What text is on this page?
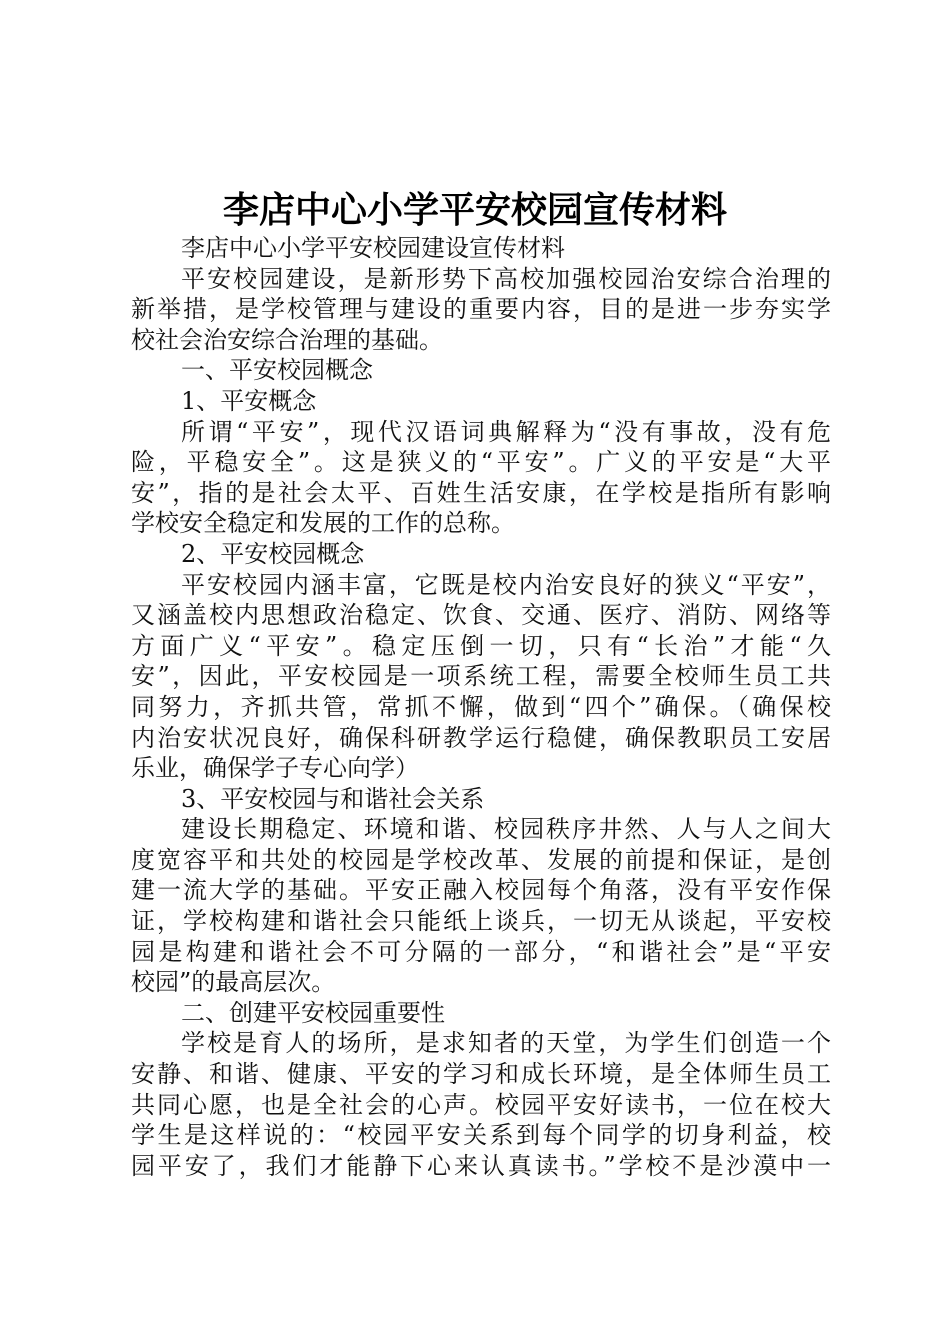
李店中心小学平安校园宣传材料
李店中心小学平安校园建设宣传材料
平安校园建设，是新形势下高校加强校园治安综合治理的
新举措，是学校管理与建设的重要内容，目的是进一步夯实学
校社会治安综合治理的基础。
一、平安校园概念
1、平安概念
所谓“平安”，现代汉语词典解释为“没有事故，没有危
险，平稳安全”。这是狭义的“平安”。广义的平安是“大平
安”，指的是社会太平、百姓生活安康，在学校是指所有影响
学校安全稳定和发展的工作的总称。
2、平安校园概念
平安校园内涵丰富，它既是校内治安良好的狭义“平安”，
又涵盖校内思想政治稳定、饮食、交通、医疗、消防、网络等
方面广义“平安”。稳定压倒一切，只有“长治”才能“久
安”，因此，平安校园是一项系统工程，需要全校师生员工共
同努力，齐抓共管，常抓不懈，做到“四个”确保。（确保校
内治安状况良好，确保科研教学运行稳健，确保教职员工安居
乐业，确保学子专心向学）
3、平安校园与和谐社会关系
建设长期稳定、环境和谐、校园秩序井然、人与人之间大
度宽容平和共处的校园是学校改革、发展的前提和保证，是创
建一流大学的基础。平安正融入校园每个角落，没有平安作保
证，学校构建和谐社会只能纸上谈兵，一切无从谈起，平安校
园是构建和谐社会不可分隔的一部分，“和谐社会”是“平安
校园”的最高层次。
二、创建平安校园重要性
学校是育人的场所，是求知者的天堂，为学生们创造一个
安静、和谐、健康、平安的学习和成长环境，是全体师生员工
共同心愿，也是全社会的心声。校园平安好读书，一位在校大
学生是这样说的：“校园平安关系到每个同学的切身利益，校
园平安了，我们才能静下心来认真读书。”学校不是沙漠中一
